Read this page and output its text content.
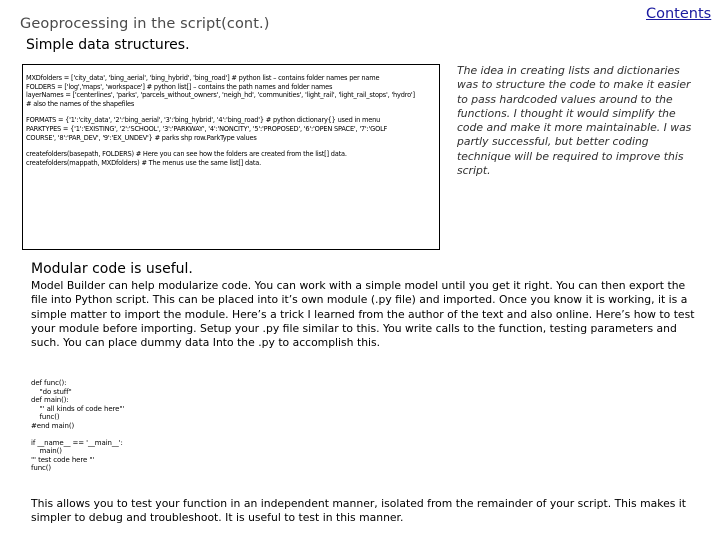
Geoprocessing in the script(cont.)
Contents
Simple data structures.
MXDfolders = ['city_data', 'bing_aerial', 'bing_hybrid', 'bing_road'] # python list – contains folder names per name
FOLDERS = ['log','maps', 'workspace'] # python list[] – contains the path names and folder names
layerNames = ['centerlines', 'parks', 'parcels_without_owners', 'neigh_hd', 'communities', 'light_rail', 'light_rail_stops', 'hydro']
# also the names of the shapefiles
FORMATS = {'1':'city_data', '2':'bing_aerial', '3':'bing_hybrid', '4':'bing_road'} # python dictionary{} used in menu
PARKTYPES = {'1':'EXISTING', '2':'SCHOOL', '3':'PARKWAY', '4':'NONCITY', '5':'PROPOSED', '6':'OPEN SPACE', '7':'GOLF
COURSE', '8':'PAR_DEV', '9':'EX_UNDEV'} # parks shp row.ParkType values
createfolders(basepath, FOLDERS) # Here you can see how the folders are created from the list[] data.
createfolders(mappath, MXDfolders) # The menus use the same list[] data.
The idea in creating lists and dictionaries was to structure the code to make it easier to pass hardcoded values around to the functions. I thought it would simplify the code and make it more maintainable. I was partly successful, but better coding technique will be required to improve this script.
Modular code is useful.
Model Builder can help modularize code. You can work with a simple model until you get it right. You can then export the file into Python script. This can be placed into it’s own module (.py file) and imported. Once you know it is working, it is a simple matter to import the module. Here’s a trick I learned from the author of the text and also online. Here’s how to test your module before importing. Setup your .py file similar to this. You write calls to the function, testing parameters and such. You can place dummy data Into the .py to accomplish this.
def func():
"do stuff"
def main():
"' all kinds of code here"'
func()
#end main()
if __name__ == '__main__':
main()
"' test code here "'
func()
This allows you to test your function in an independent manner, isolated from the remainder of your script. This makes it simpler to debug and troubleshoot. It is useful to test in this manner.
